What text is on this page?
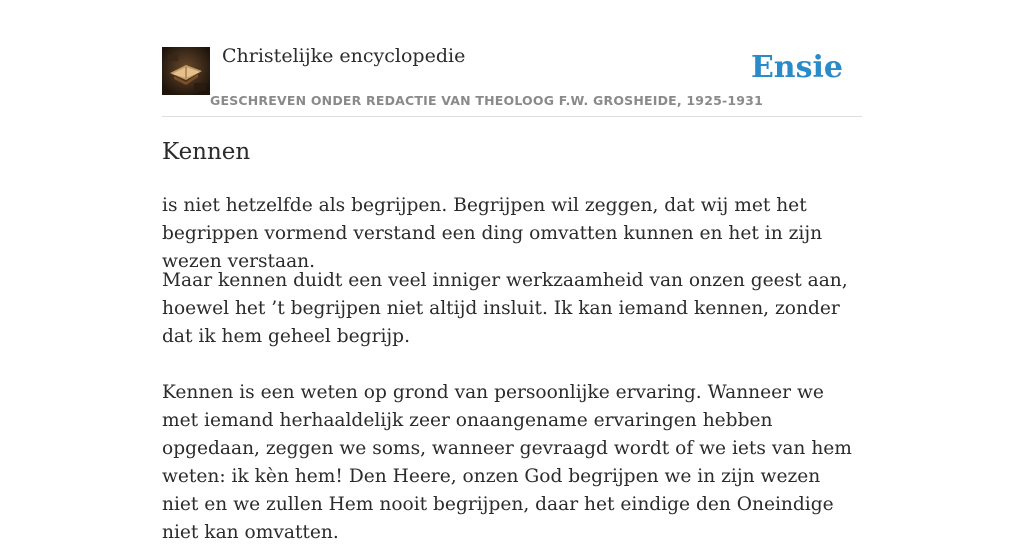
Christelijke encyclopedie
GESCHREVEN ONDER REDACTIE VAN THEOLOOG F.W. GROSHEIDE, 1925-1931
Ensie
Kennen

is niet hetzelfde als begrijpen. Begrijpen wil zeggen, dat wij met het begrippen vormend verstand een ding omvatten kunnen en het in zijn wezen verstaan.

Maar kennen duidt een veel inniger werkzaamheid van onzen geest aan, hoewel het ’t begrijpen niet altijd insluit. Ik kan iemand kennen, zonder dat ik hem geheel begrijp.

Kennen is een weten op grond van persoonlijke ervaring. Wanneer we met iemand herhaaldelijk zeer onaangename ervaringen hebben opgedaan, zeggen we soms, wanneer gevraagd wordt of we iets van hem weten: ik kèn hem! Den Heere, onzen God begrijpen we in zijn wezen niet en we zullen Hem nooit begrijpen, daar het eindige den Oneindige niet kan omvatten.
